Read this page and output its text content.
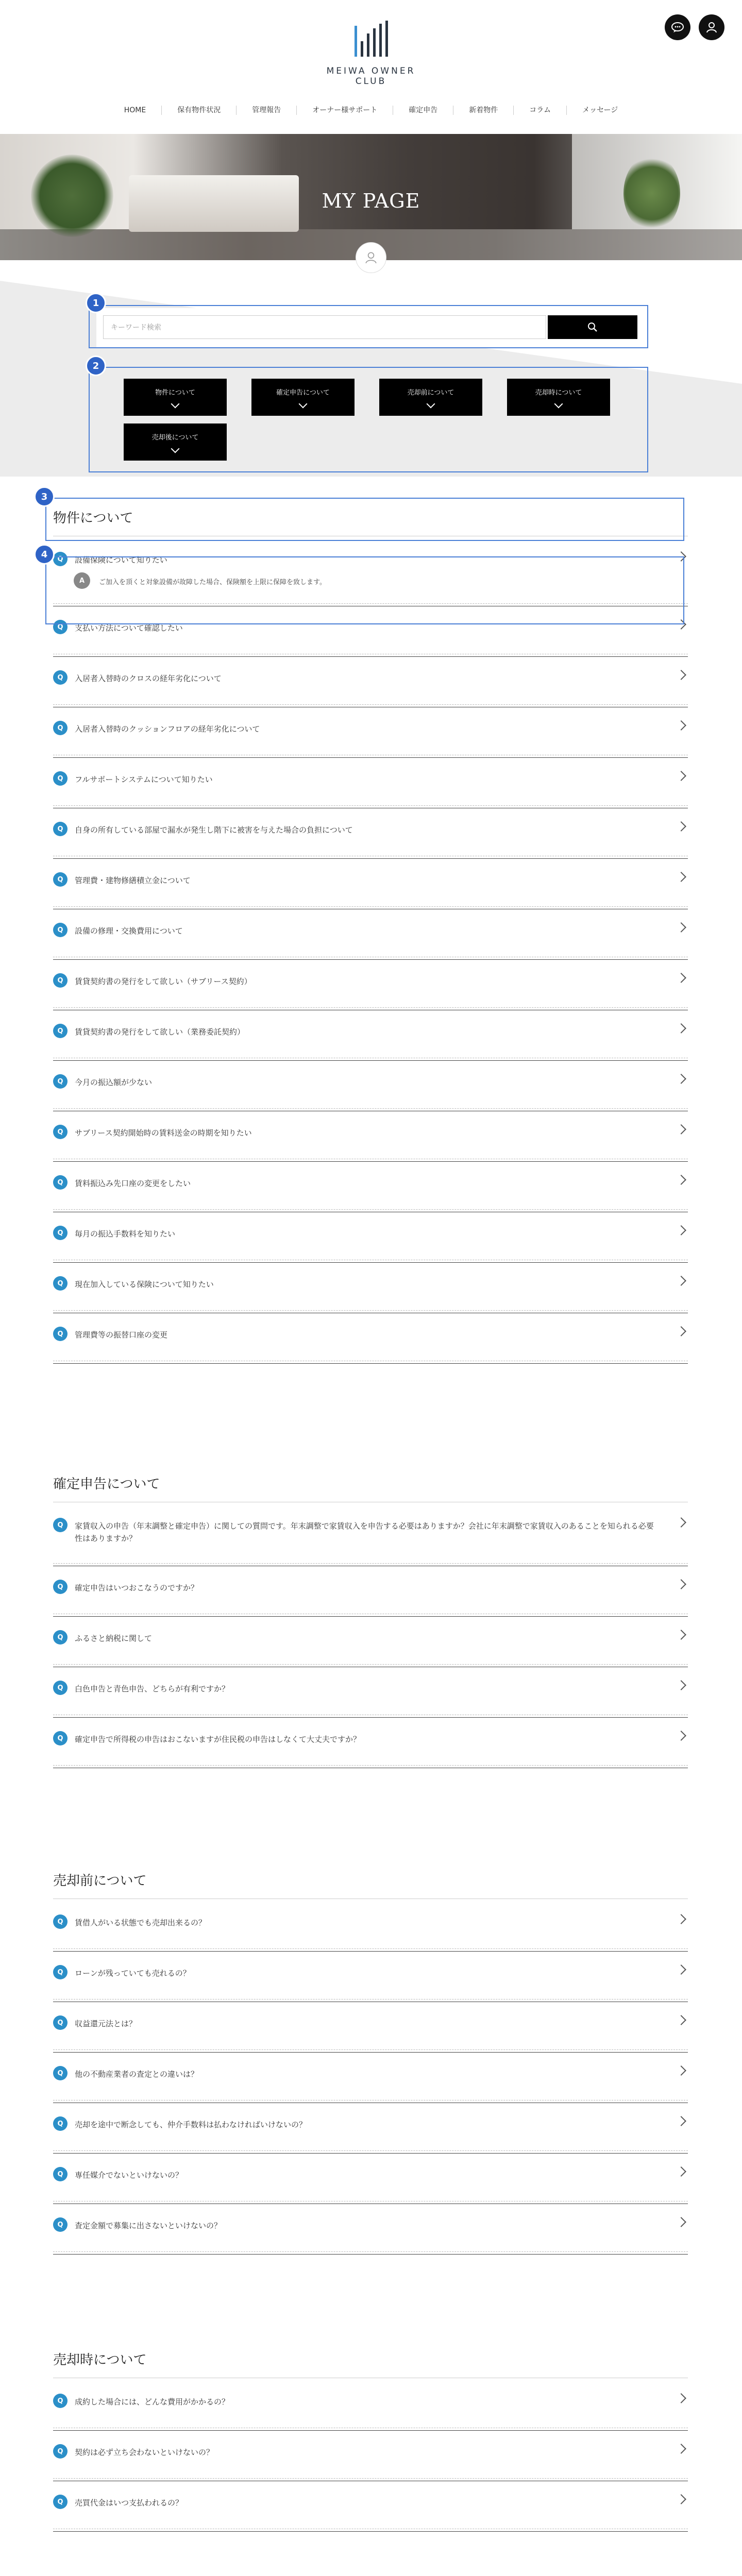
MEIWA OWNER CLUB
HOME	保有物件状況	管理報告	オーナー様サポート	確定申告	新着物件	コラム	メッセージ
MY PAGE
1
キーワード検索
2
物件について	確定申告について	売却前について	売却時について
売却後について
物件について
Q	設備保険について知りたい
A	ご加入を頂くと対象設備が故障した場合、保険額を上限に保障を致します。
Q	支払い方法について確認したい
Q	入居者入替時のクロスの経年劣化について
Q	入居者入替時のクッションフロアの経年劣化について
Q	フルサポートシステムについて知りたい
Q	自身の所有している部屋で漏水が発生し階下に被害を与えた場合の負担について
Q	管理費・建物修繕積立金について
Q	設備の修理・交換費用について
Q	賃貸契約書の発行をして欲しい（サブリース契約）
Q	賃貸契約書の発行をして欲しい（業務委託契約）
Q	今月の振込額が少ない
Q	サブリース契約開始時の賃料送金の時期を知りたい
Q	賃料振込み先口座の変更をしたい
Q	毎月の振込手数料を知りたい
Q	現在加入している保険について知りたい
Q	管理費等の振替口座の変更
確定申告について
Q	家賃収入の申告（年末調整と確定申告）に関しての質問です。年末調整で家賃収入を申告する必要はありますか？会社に年末調整で家賃収入のあることを知られる必要性はありますか？
Q	確定申告はいつおこなうのですか？
Q	ふるさと納税に関して
Q	白色申告と青色申告、どちらが有利ですか？
Q	確定申告で所得税の申告はおこないますが住民税の申告はしなくて大丈夫ですか？
売却前について
Q	賃借人がいる状態でも売却出来るの？
Q	ローンが残っていても売れるの？
Q	収益還元法とは？
Q	他の不動産業者の査定との違いは？
Q	売却を途中で断念しても、仲介手数料は払わなければいけないの？
Q	専任媒介でないといけないの？
Q	査定金額で募集に出さないといけないの？
売却時について
Q	成約した場合には、どんな費用がかかるの？
Q	契約は必ず立ち会わないといけないの？
Q	売買代金はいつ支払われるの？
3
4
